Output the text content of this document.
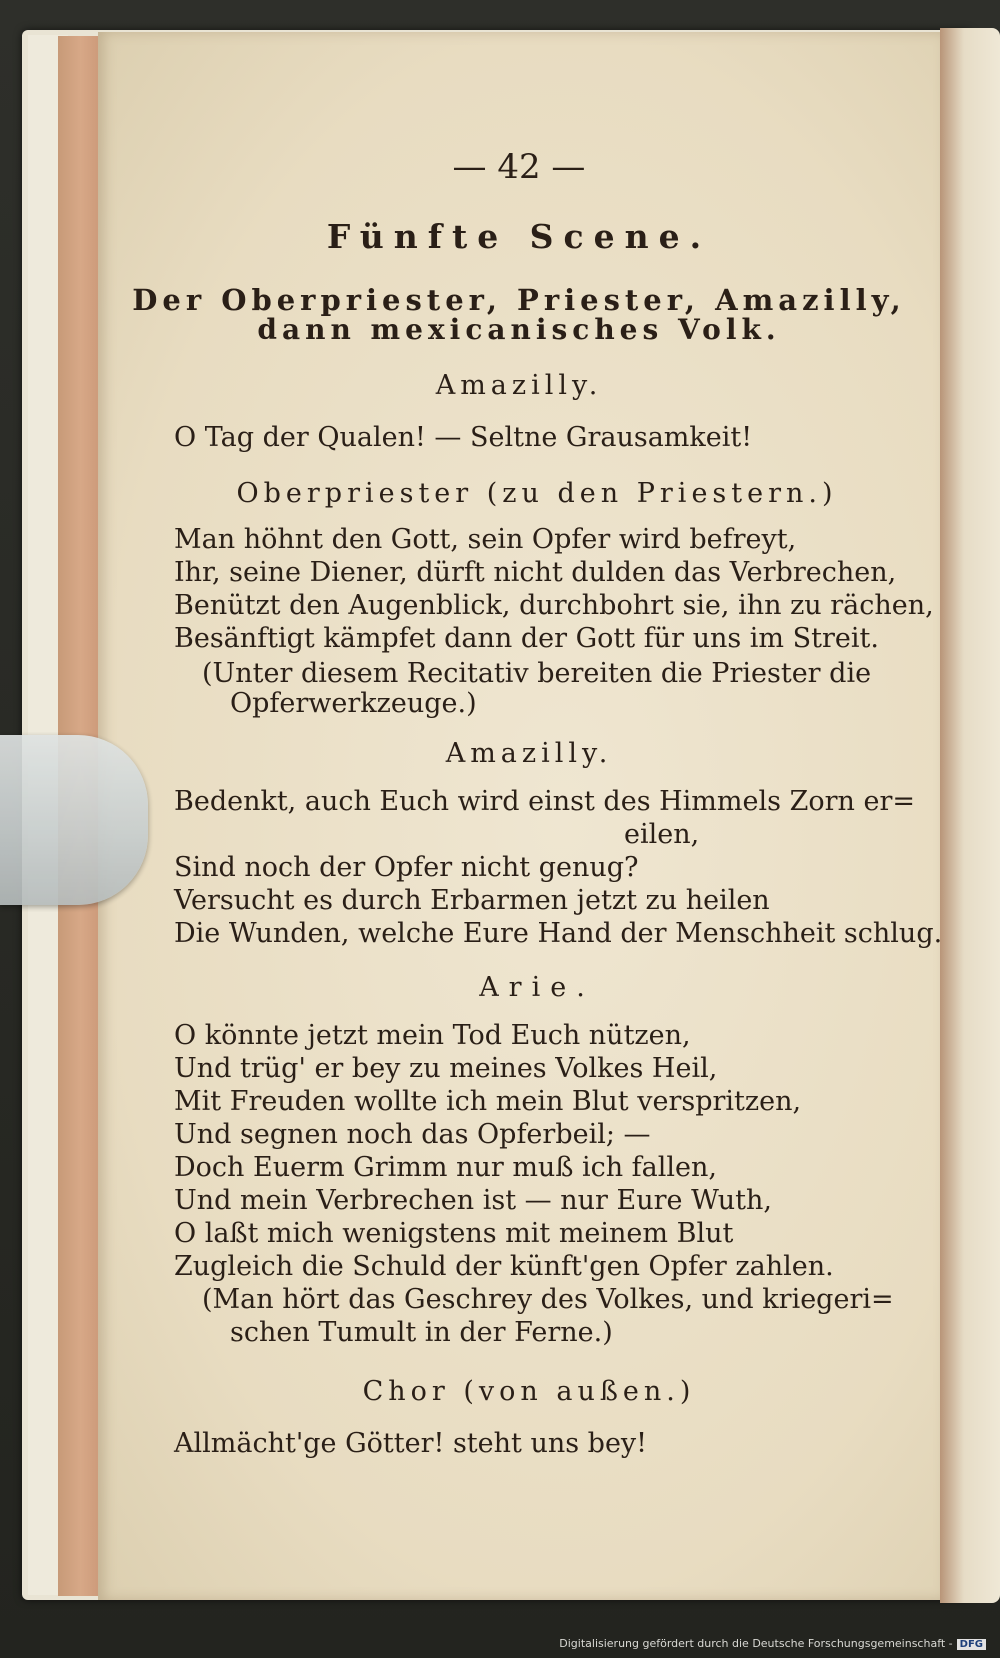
— 42 —
Fünfte Scene.
Der Oberpriester, Priester, Amazilly,
dann mexicanisches Volk.
Amazilly.
O Tag der Qualen! — Seltne Grausamkeit!
Oberpriester (zu den Priestern.)
Man höhnt den Gott, sein Opfer wird befreyt,
Ihr, seine Diener, dürft nicht dulden das Verbrechen,
Benützt den Augenblick, durchbohrt sie, ihn zu rächen,
Besänftigt kämpfet dann der Gott für uns im Streit.
(Unter diesem Recitativ bereiten die Priester die
Opferwerkzeuge.)
Amazilly.
Bedenkt, auch Euch wird einst des Himmels Zorn er=
eilen,
Sind noch der Opfer nicht genug?
Versucht es durch Erbarmen jetzt zu heilen
Die Wunden, welche Eure Hand der Menschheit schlug.
Arie.
O könnte jetzt mein Tod Euch nützen,
Und trüg' er bey zu meines Volkes Heil,
Mit Freuden wollte ich mein Blut verspritzen,
Und segnen noch das Opferbeil; —
Doch Euerm Grimm nur muß ich fallen,
Und mein Verbrechen ist — nur Eure Wuth,
O laßt mich wenigstens mit meinem Blut
Zugleich die Schuld der künft'gen Opfer zahlen.
(Man hört das Geschrey des Volkes, und kriegeri=
schen Tumult in der Ferne.)
Chor (von außen.)
Allmächt'ge Götter! steht uns bey!
Digitalisierung gefördert durch die Deutsche Forschungsgemeinschaft - DFG
